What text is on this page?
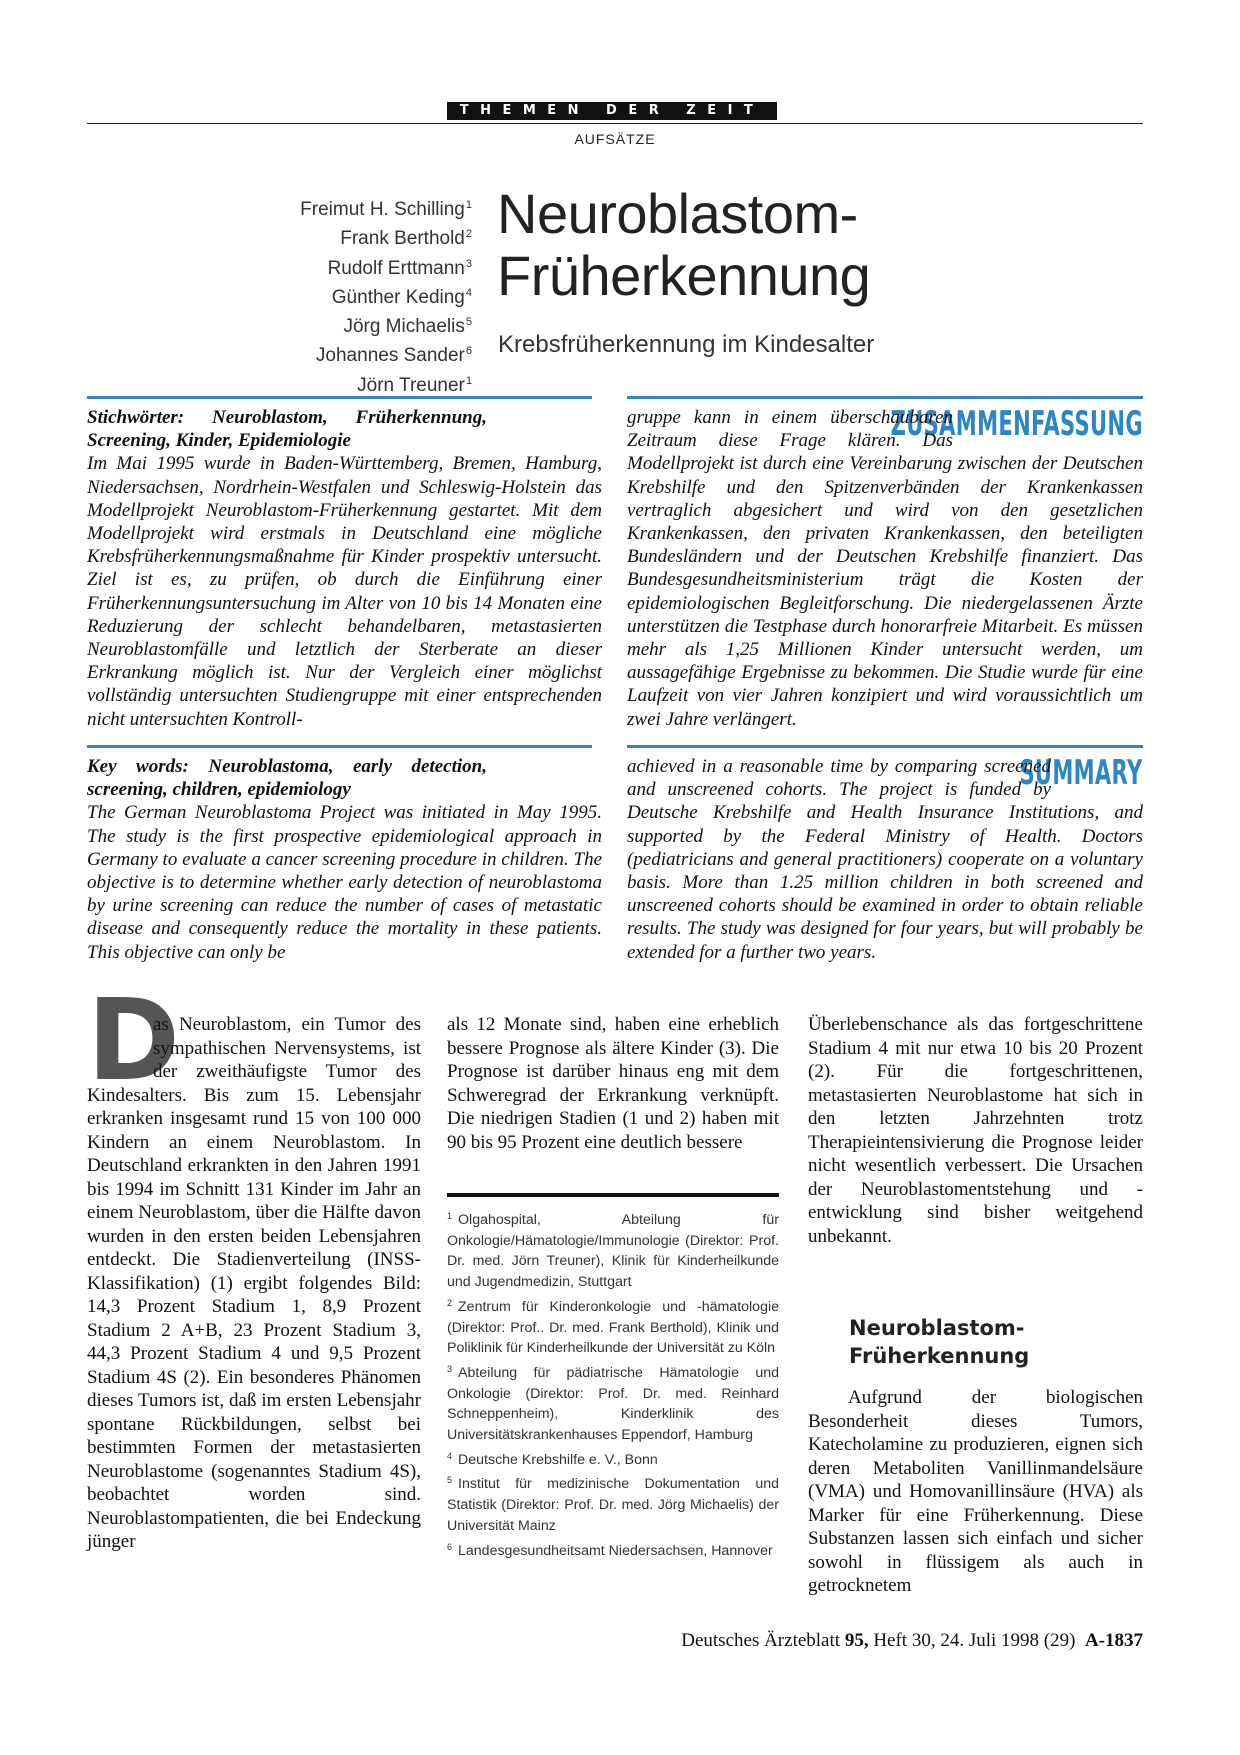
THEMEN DER ZEIT
AUFSÄTZE
Freimut H. Schilling$^1$
Frank Berthold$^2$
Rudolf Erttmann$^3$
Günther Keding$^4$
Jörg Michaelis$^5$
Johannes Sander$^6$
Jörn Treuner$^1$
Neuroblastom-
Früherkennung
Krebsfrüherkennung im Kindesalter
Stichwörter: Neuroblastom, Früherkennung, Screening, Kinder, Epidemiologie
Im Mai 1995 wurde in Baden-Württemberg, Bremen, Hamburg, Niedersachsen, Nordrhein-Westfalen und Schleswig-Holstein das Modellprojekt Neuroblastom-Früherkennung gestartet. Mit dem Modellprojekt wird erstmals in Deutschland eine mögliche Krebsfrüherkennungsmaßnahme für Kinder prospektiv untersucht. Ziel ist es, zu prüfen, ob durch die Einführung einer Früherkennungsuntersuchung im Alter von 10 bis 14 Monaten eine Reduzierung der schlecht behandelbaren, metastasierten Neuroblastomfälle und letztlich der Sterberate an dieser Erkrankung möglich ist. Nur der Vergleich einer möglichst vollständig untersuchten Studiengruppe mit einer entsprechenden nicht untersuchten Kontroll-
ZUSAMMENFASSUNG
gruppe kann in einem überschaubaren Zeitraum diese Frage klären. Das Modellprojekt ist durch eine Vereinbarung zwischen der Deutschen Krebshilfe und den Spitzenverbänden der Krankenkassen vertraglich abgesichert und wird von den gesetzlichen Krankenkassen, den privaten Krankenkassen, den beteiligten Bundesländern und der Deutschen Krebshilfe finanziert. Das Bundesgesundheitsministerium trägt die Kosten der epidemiologischen Begleitforschung. Die niedergelassenen Ärzte unterstützen die Testphase durch honorarfreie Mitarbeit. Es müssen mehr als 1,25 Millionen Kinder untersucht werden, um aussagefähige Ergebnisse zu bekommen. Die Studie wurde für eine Laufzeit von vier Jahren konzipiert und wird voraussichtlich um zwei Jahre verlängert.
Key words: Neuroblastoma, early detection, screening, children, epidemiology
The German Neuroblastoma Project was initiated in May 1995. The study is the first prospective epidemiological approach in Germany to evaluate a cancer screening procedure in children. The objective is to determine whether early detection of neuroblastoma by urine screening can reduce the number of cases of metastatic disease and consequently reduce the mortality in these patients. This objective can only be
SUMMARY
achieved in a reasonable time by comparing screened and unscreened cohorts. The project is funded by Deutsche Krebshilfe and Health Insurance Institutions, and supported by the Federal Ministry of Health. Doctors (pediatricians and general practitioners) cooperate on a voluntary basis. More than 1.25 million children in both screened and unscreened cohorts should be examined in order to obtain reliable results. The study was designed for four years, but will probably be extended for a further two years.
D
as Neuroblastom, ein Tumor des sympathischen Nervensystems, ist der zweithäufigste Tumor des Kindesalters. Bis zum 15. Lebensjahr erkranken insgesamt rund 15 von 100 000 Kindern an einem Neuroblastom. In Deutschland erkrankten in den Jahren 1991 bis 1994 im Schnitt 131 Kinder im Jahr an einem Neuroblastom, über die Hälfte davon wurden in den ersten beiden Lebensjahren entdeckt. Die Stadienverteilung (INSS-Klassifikation) (1) ergibt folgendes Bild: 14,3 Prozent Stadium 1, 8,9 Prozent Stadium 2 A+B, 23 Prozent Stadium 3, 44,3 Prozent Stadium 4 und 9,5 Prozent Stadium 4S (2). Ein besonderes Phänomen dieses Tumors ist, daß im ersten Lebensjahr spontane Rückbildungen, selbst bei bestimmten Formen der metastasierten Neuroblastome (sogenanntes Stadium 4S), beobachtet worden sind. Neuroblastompatienten, die bei Endeckung jünger
als 12 Monate sind, haben eine erheblich bessere Prognose als ältere Kinder (3). Die Prognose ist darüber hinaus eng mit dem Schweregrad der Erkrankung verknüpft. Die niedrigen Stadien (1 und 2) haben mit 90 bis 95 Prozent eine deutlich bessere
$^1$ Olgahospital, Abteilung für Onkologie/Hämatologie/Immunologie (Direktor: Prof. Dr. med. Jörn Treuner), Klinik für Kinderheilkunde und Jugendmedizin, Stuttgart
$^2$ Zentrum für Kinderonkologie und -hämatologie (Direktor: Prof.. Dr. med. Frank Berthold), Klinik und Poliklinik für Kinderheilkunde der Universität zu Köln
$^3$ Abteilung für pädiatrische Hämatologie und Onkologie (Direktor: Prof. Dr. med. Reinhard Schneppenheim), Kinderklinik des Universitätskrankenhauses Eppendorf, Hamburg
$^4$ Deutsche Krebshilfe e. V., Bonn
$^5$ Institut für medizinische Dokumentation und Statistik (Direktor: Prof. Dr. med. Jörg Michaelis) der Universität Mainz
$^6$ Landesgesundheitsamt Niedersachsen, Hannover
Überlebenschance als das fortgeschrittene Stadium 4 mit nur etwa 10 bis 20 Prozent (2). Für die fortgeschrittenen, metastasierten Neuroblastome hat sich in den letzten Jahrzehnten trotz Therapieintensivierung die Prognose leider nicht wesentlich verbessert. Die Ursachen der Neuroblastomentstehung und -entwicklung sind bisher weitgehend unbekannt.
Neuroblastom-
Früherkennung
Aufgrund der biologischen Besonderheit dieses Tumors, Katecholamine zu produzieren, eignen sich deren Metaboliten Vanillinmandelsäure (VMA) und Homovanillinsäure (HVA) als Marker für eine Früherkennung. Diese Substanzen lassen sich einfach und sicher sowohl in flüssigem als auch in getrocknetem
Deutsches Ärzteblatt 95, Heft 30, 24. Juli 1998 (29) A-1837
